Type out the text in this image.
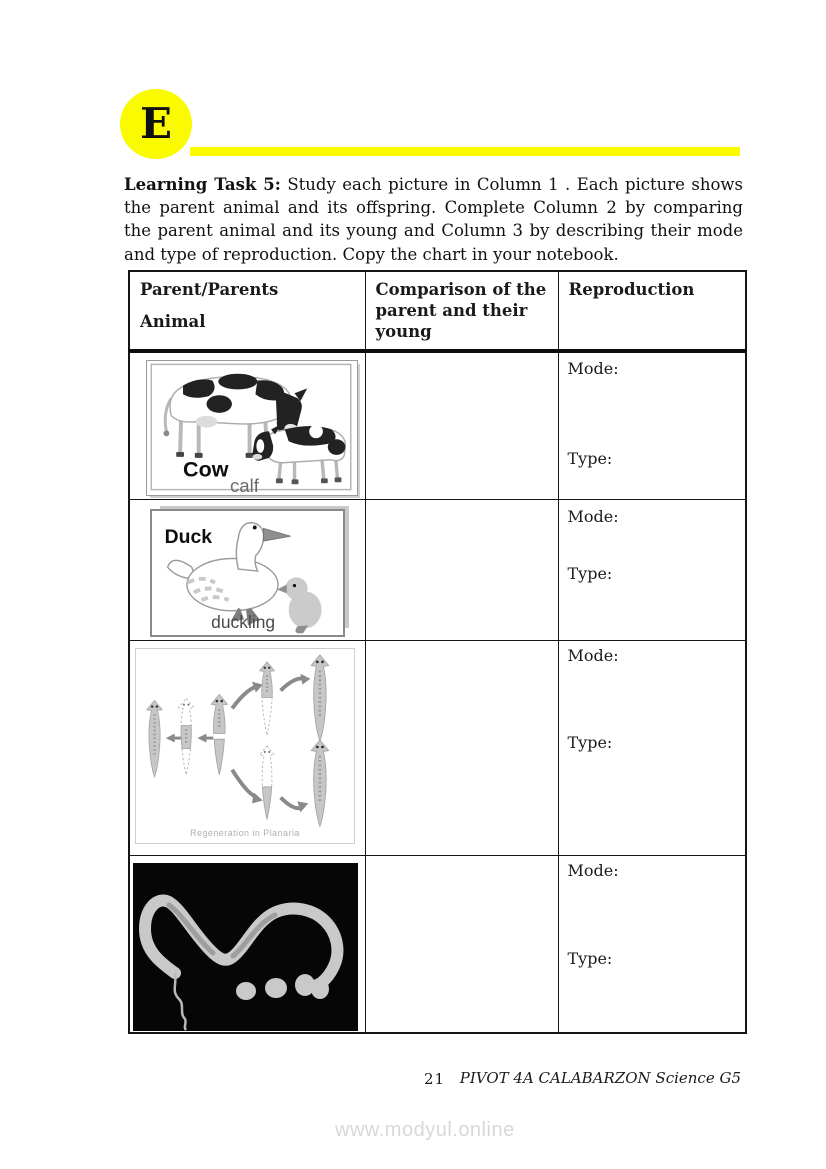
E

Learning Task 5: Study each picture in Column 1 . Each picture shows the parent animal and its offspring. Complete Column 2 by comparing the parent animal and its young and Column 3 by describing their mode and type of reproduction. Copy the chart in your notebook.

Parent/Parents
Animal	Comparison of the parent and their young	Reproduction

Cow
calf		Mode:
Type:

Duck
duckling		Mode:
Type:

Regeneration in Planaria		Mode:
Type:

Mode:
Type:
21 PIVOT 4A CALABARZON Science G5
www.modyul.online
